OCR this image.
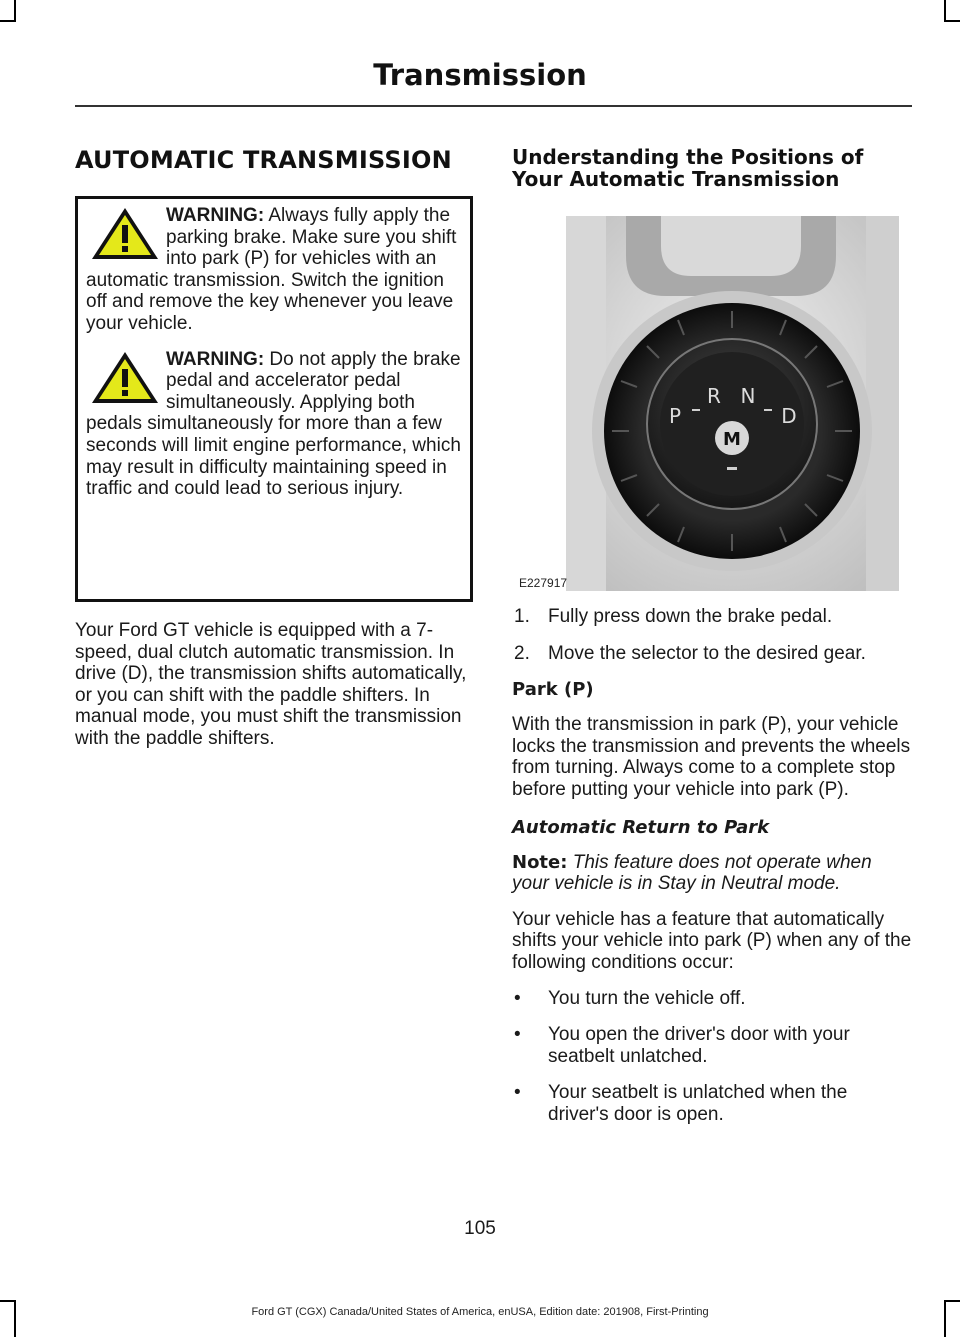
Transmission
AUTOMATIC TRANSMISSION

WARNING: Always fully apply the parking brake. Make sure you shift into park (P) for vehicles with an automatic transmission. Switch the ignition off and remove the key whenever you leave your vehicle.

WARNING: Do not apply the brake pedal and accelerator pedal simultaneously. Applying both pedals simultaneously for more than a few seconds will limit engine performance, which may result in difficulty maintaining speed in traffic and could lead to serious injury.

Your Ford GT vehicle is equipped with a 7-speed, dual clutch automatic transmission. In drive (D), the transmission shifts automatically, or you can shift with the paddle shifters. In manual mode, you must shift the transmission with the paddle shifters.

Understanding the Positions of Your Automatic Transmission
P
R N
D
M
E227917
1. Fully press down the brake pedal.
2. Move the selector to the desired gear.
Park (P)

With the transmission in park (P), your vehicle locks the transmission and prevents the wheels from turning. Always come to a complete stop before putting your vehicle into park (P).

Automatic Return to Park

Note: This feature does not operate when your vehicle is in Stay in Neutral mode.

Your vehicle has a feature that automatically shifts your vehicle into park (P) when any of the following conditions occur:

• You turn the vehicle off.
• You open the driver's door with your seatbelt unlatched.
• Your seatbelt is unlatched when the driver's door is open.
105
Ford GT (CGX) Canada/United States of America, enUSA, Edition date: 201908, First-Printing
